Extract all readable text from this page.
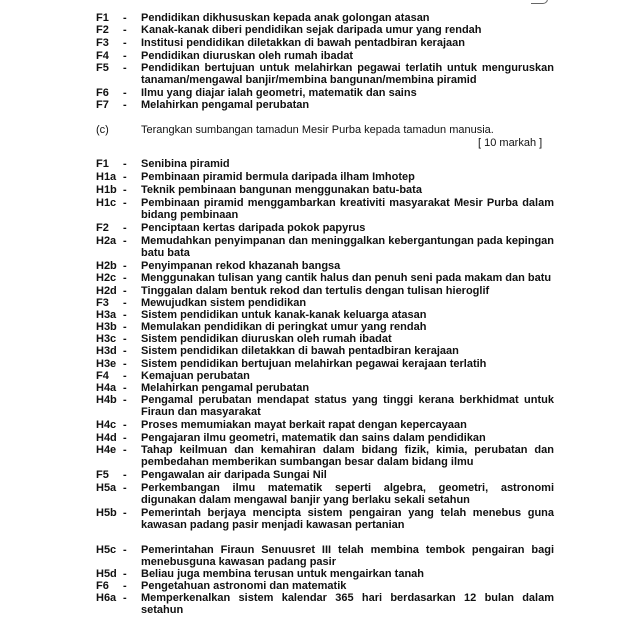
F1	-	Pendidikan dikhususkan kepada anak golongan atasan
F2	-	Kanak-kanak diberi pendidikan sejak daripada umur yang rendah
F3	-	Institusi pendidikan diletakkan di bawah pentadbiran kerajaan
F4	-	Pendidikan diuruskan oleh rumah ibadat
F5	-	Pendidikan bertujuan untuk melahirkan pegawai terlatih untuk menguruskan tanaman/mengawal banjir/membina bangunan/membina piramid
F6	-	Ilmu yang diajar ialah geometri, matematik dan sains
F7	-	Melahirkan pengamal perubatan
(c)	Terangkan sumbangan tamadun Mesir Purba kepada tamadun manusia.
[ 10 markah ]
F1	-	Senibina piramid
H1a -	Pembinaan piramid bermula daripada ilham Imhotep
H1b -	Teknik pembinaan bangunan menggunakan batu-bata
H1c -	Pembinaan piramid menggambarkan kreativiti masyarakat Mesir Purba dalam bidang pembinaan
F2	-	Penciptaan kertas daripada pokok papyrus
H2a -	Memudahkan penyimpanan dan meninggalkan kebergantungan pada kepingan batu bata
H2b -	Penyimpanan rekod khazanah bangsa
H2c -	Menggunakan tulisan yang cantik halus dan penuh seni pada makam dan batu
H2d -	Tinggalan dalam bentuk rekod dan tertulis dengan tulisan hieroglif
F3	-	Mewujudkan sistem pendidikan
H3a -	Sistem pendidikan untuk kanak-kanak keluarga atasan
H3b -	Memulakan pendidikan di peringkat umur yang rendah
H3c -	Sistem pendidikan diuruskan oleh rumah ibadat
H3d -	Sistem pendidikan diletakkan di bawah pentadbiran kerajaan
H3e -	Sistem pendidikan bertujuan melahirkan pegawai kerajaan terlatih
F4	-	Kemajuan perubatan
H4a -	Melahirkan pengamal perubatan
H4b -	Pengamal perubatan mendapat status yang tinggi kerana berkhidmat untuk Firaun dan masyarakat
H4c -	Proses memumiakan mayat berkait rapat dengan kepercayaan
H4d -	Pengajaran ilmu geometri, matematik dan sains dalam pendidikan
H4e -	Tahap keilmuan dan kemahiran dalam bidang fizik, kimia, perubatan dan pembedahan memberikan sumbangan besar dalam bidang ilmu
F5	-	Pengawalan air daripada Sungai Nil
H5a -	Perkembangan ilmu matematik seperti algebra, geometri, astronomi digunakan dalam mengawal banjir yang berlaku sekali setahun
H5b -	Pemerintah berjaya mencipta sistem pengairan yang telah menebus guna kawasan padang pasir menjadi kawasan pertanian
H5c -	Pemerintahan Firaun Senuusret III telah membina tembok pengairan bagi menebusguna kawasan padang pasir
H5d -	Beliau juga membina terusan untuk mengairkan tanah
F6	-	Pengetahuan astronomi dan matematik
H6a -	Memperkenalkan sistem kalendar 365 hari berdasarkan 12 bulan dalam setahun
